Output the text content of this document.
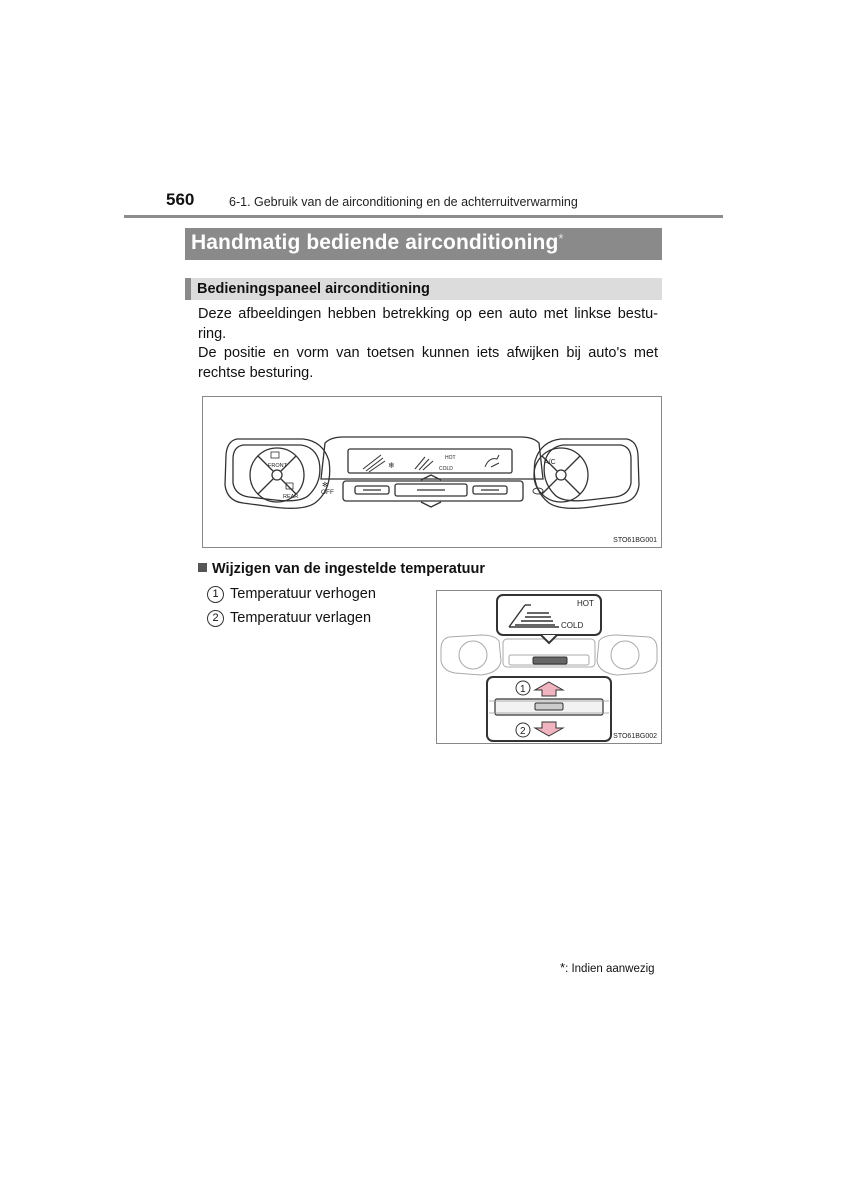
560	6-1. Gebruik van de airconditioning en de achterruitverwarming
Handmatig bediende airconditioning*
Bedieningspaneel airconditioning
Deze afbeeldingen hebben betrekking op een auto met linkse bestu-ring.
De positie en vorm van toetsen kunnen iets afwijken bij auto's met rechtse besturing.
❄
HOT
COLD
FRONT
REAR
OFF
✻
A/C
STO61BG001
Wijzigen van de ingestelde temperatuur
1 Temperatuur verhogen
2 Temperatuur verlagen
HOT
COLD
1
2	STO61BG002
*: Indien aanwezig
